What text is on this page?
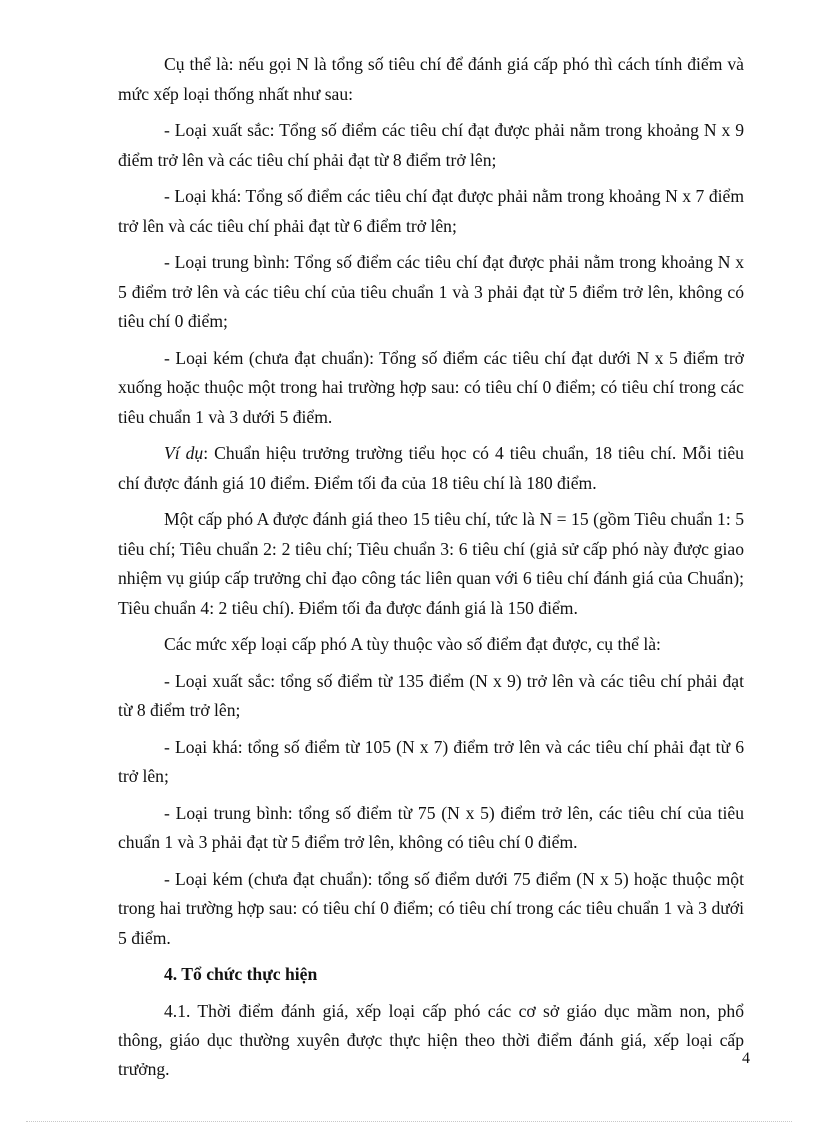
Cụ thể là: nếu gọi N là tổng số tiêu chí để đánh giá cấp phó thì cách tính điểm và mức xếp loại thống nhất như sau:

- Loại xuất sắc: Tổng số điểm các tiêu chí đạt được phải nằm trong khoảng N x 9 điểm trở lên và các tiêu chí phải đạt từ 8 điểm trở lên;

- Loại khá: Tổng số điểm các tiêu chí đạt được phải nằm trong khoảng N x 7 điểm trở lên và các tiêu chí phải đạt từ 6 điểm trở lên;

- Loại trung bình: Tổng số điểm các tiêu chí đạt được phải nằm trong khoảng N x 5 điểm trở lên và các tiêu chí của tiêu chuẩn 1 và 3 phải đạt từ 5 điểm trở lên, không có tiêu chí 0 điểm;

- Loại kém (chưa đạt chuẩn): Tổng số điểm các tiêu chí đạt dưới N x 5 điểm trở xuống hoặc thuộc một trong hai trường hợp sau: có tiêu chí 0 điểm; có tiêu chí trong các tiêu chuẩn 1 và 3 dưới 5 điểm.

Ví dụ: Chuẩn hiệu trưởng trường tiểu học có 4 tiêu chuẩn, 18 tiêu chí. Mỗi tiêu chí được đánh giá 10 điểm. Điểm tối đa của 18 tiêu chí là 180 điểm.

Một cấp phó A được đánh giá theo 15 tiêu chí, tức là N = 15 (gồm Tiêu chuẩn 1: 5 tiêu chí; Tiêu chuẩn 2: 2 tiêu chí; Tiêu chuẩn 3: 6 tiêu chí (giả sử cấp phó này được giao nhiệm vụ giúp cấp trưởng chỉ đạo công tác liên quan với 6 tiêu chí đánh giá của Chuẩn); Tiêu chuẩn 4: 2 tiêu chí). Điểm tối đa được đánh giá là 150 điểm.

Các mức xếp loại cấp phó A tùy thuộc vào số điểm đạt được, cụ thể là:

- Loại xuất sắc: tổng số điểm từ 135 điểm (N x 9) trở lên và các tiêu chí phải đạt từ 8 điểm trở lên;

- Loại khá: tổng số điểm từ 105 (N x 7) điểm trở lên và các tiêu chí phải đạt từ 6 trở lên;

- Loại trung bình: tổng số điểm từ 75 (N x 5) điểm trở lên, các tiêu chí của tiêu chuẩn 1 và 3 phải đạt từ 5 điểm trở lên, không có tiêu chí 0 điểm.

- Loại kém (chưa đạt chuẩn): tổng số điểm dưới 75 điểm (N x 5) hoặc thuộc một trong hai trường hợp sau: có tiêu chí 0 điểm; có tiêu chí trong các tiêu chuẩn 1 và 3 dưới 5 điểm.

4. Tổ chức thực hiện

4.1. Thời điểm đánh giá, xếp loại cấp phó các cơ sở giáo dục mầm non, phổ thông, giáo dục thường xuyên được thực hiện theo thời điểm đánh giá, xếp loại cấp trưởng.	4
